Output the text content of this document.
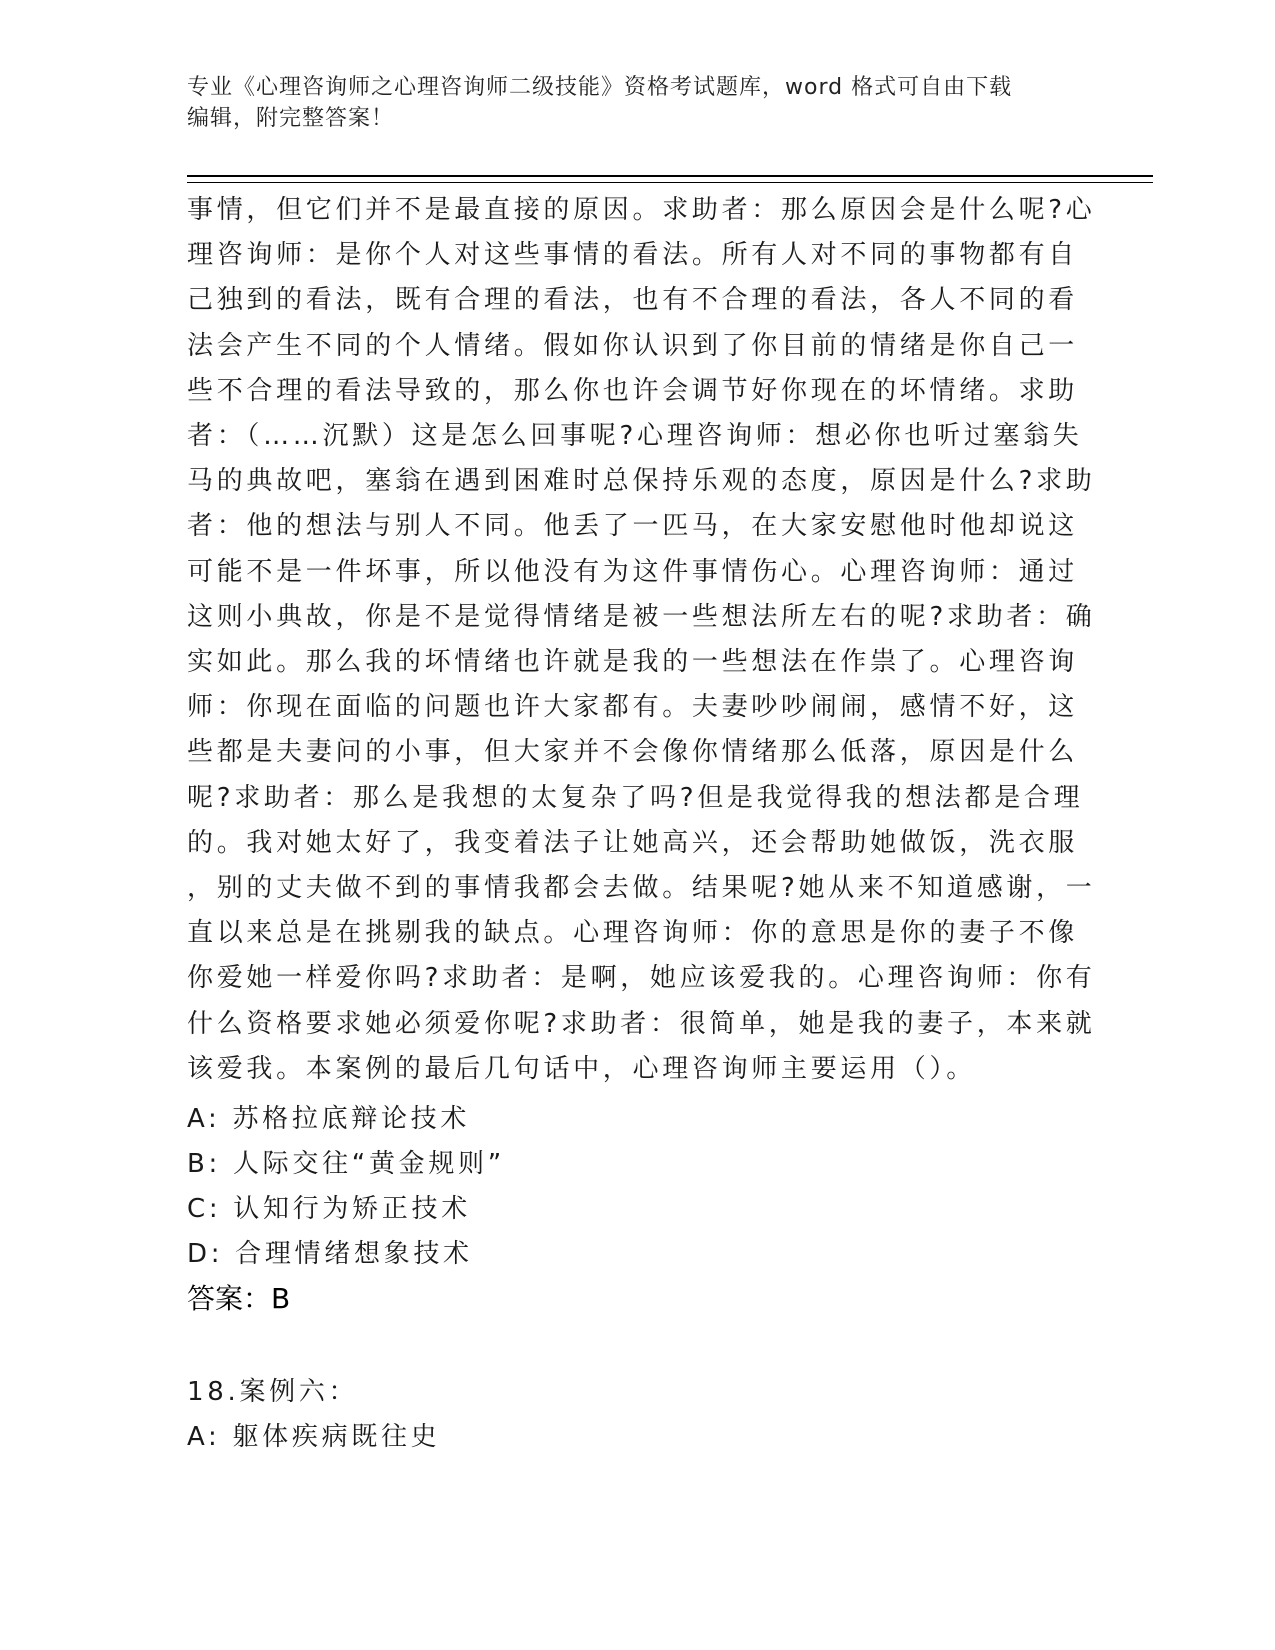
专业《心理咨询师之心理咨询师二级技能》资格考试题库，word 格式可自由下载
编辑，附完整答案！
事情，但它们并不是最直接的原因。求助者：那么原因会是什么呢?心
理咨询师：是你个人对这些事情的看法。所有人对不同的事物都有自
己独到的看法，既有合理的看法，也有不合理的看法，各人不同的看
法会产生不同的个人情绪。假如你认识到了你目前的情绪是你自己一
些不合理的看法导致的，那么你也许会调节好你现在的坏情绪。求助
者：（……沉默）这是怎么回事呢?心理咨询师：想必你也听过塞翁失
马的典故吧，塞翁在遇到困难时总保持乐观的态度，原因是什么?求助
者：他的想法与别人不同。他丢了一匹马，在大家安慰他时他却说这
可能不是一件坏事，所以他没有为这件事情伤心。心理咨询师：通过
这则小典故，你是不是觉得情绪是被一些想法所左右的呢?求助者：确
实如此。那么我的坏情绪也许就是我的一些想法在作祟了。心理咨询
师：你现在面临的问题也许大家都有。夫妻吵吵闹闹，感情不好，这
些都是夫妻问的小事，但大家并不会像你情绪那么低落，原因是什么
呢?求助者：那么是我想的太复杂了吗?但是我觉得我的想法都是合理
的。我对她太好了，我变着法子让她高兴，还会帮助她做饭，洗衣服
，别的丈夫做不到的事情我都会去做。结果呢?她从来不知道感谢，一
直以来总是在挑剔我的缺点。心理咨询师：你的意思是你的妻子不像
你爱她一样爱你吗?求助者：是啊，她应该爱我的。心理咨询师：你有
什么资格要求她必须爱你呢?求助者：很简单，她是我的妻子，本来就
该爱我。本案例的最后几句话中，心理咨询师主要运用（）。
A: 苏格拉底辩论技术
B: 人际交往“黄金规则”
C: 认知行为矫正技术
D: 合理情绪想象技术
答案：B
18.案例六：
A: 躯体疾病既往史
